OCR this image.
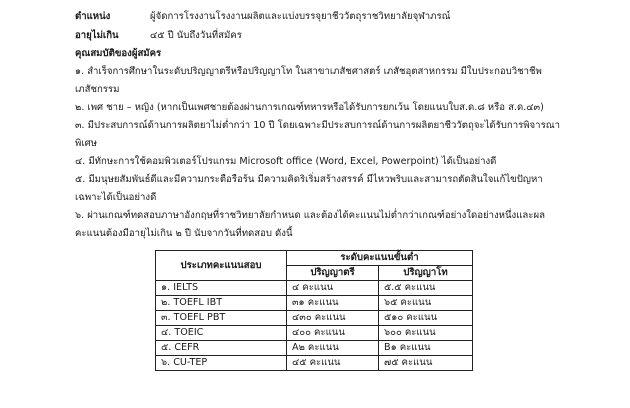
ตำแหน่ง	ผู้จัดการโรงงานโรงงานผลิตและแบ่งบรรจุยาชีววัตถุราชวิทยาลัยจุฬาภรณ์
อายุไม่เกิน	๔๕ ปี นับถึงวันที่สมัคร
คุณสมบัติของผู้สมัคร
๑. สำเร็จการศึกษาในระดับปริญญาตรีหรือปริญญาโท ในสาขาเภสัชศาสตร์ เภสัชอุตสาหกรรม มีใบประกอบวิชาชีพ
เภสัชกรรม
๒. เพศ ชาย – หญิง (หากเป็นเพศชายต้องผ่านการเกณฑ์ทหารหรือได้รับการยกเว้น โดยแนบใบส.ด.๘ หรือ ส.ด.๔๓)
๓. มีประสบการณ์ด้านการผลิตยาไม่ต่ำกว่า 10 ปี โดยเฉพาะมีประสบการณ์ด้านการผลิตยาชีววัตถุจะได้รับการพิจารณา
พิเศษ
๔. มีทักษะการใช้คอมพิวเตอร์โปรแกรม Microsoft office (Word, Excel, Powerpoint) ได้เป็นอย่างดี
๕. มีมนุษยสัมพันธ์ดีและมีความกระตือรือร้น มีความคิดริเริ่มสร้างสรรค์ มีไหวพริบและสามารถตัดสินใจแก้ไขปัญหา
เฉพาะได้เป็นอย่างดี
๖. ผ่านเกณฑ์ทดสอบภาษาอังกฤษที่ราชวิทยาลัยกำหนด และต้องได้คะแนนไม่ต่ำกว่าเกณฑ์อย่างใดอย่างหนึ่งและผล
คะแนนต้องมีอายุไม่เกิน ๒ ปี นับจากวันที่ทดสอบ ดังนี้
ประเภทคะแนนสอบ	ระดับคะแนนขั้นต่ำ	
	ปริญญาตรี	ปริญญาโท
๑. IELTS	๔ คะแนน	๕.๕ คะแนน
๒. TOEFL IBT	๓๑ คะแนน	๖๕ คะแนน
๓. TOEFL PBT	๔๓๐ คะแนน	๕๑๐ คะแนน
๔. TOEIC	๔๐๐ คะแนน	๖๐๐ คะแนน
๕. CEFR	A๒ คะแนน	B๑ คะแนน
๖. CU-TEP	๔๕ คะแนน	๗๕ คะแนน
